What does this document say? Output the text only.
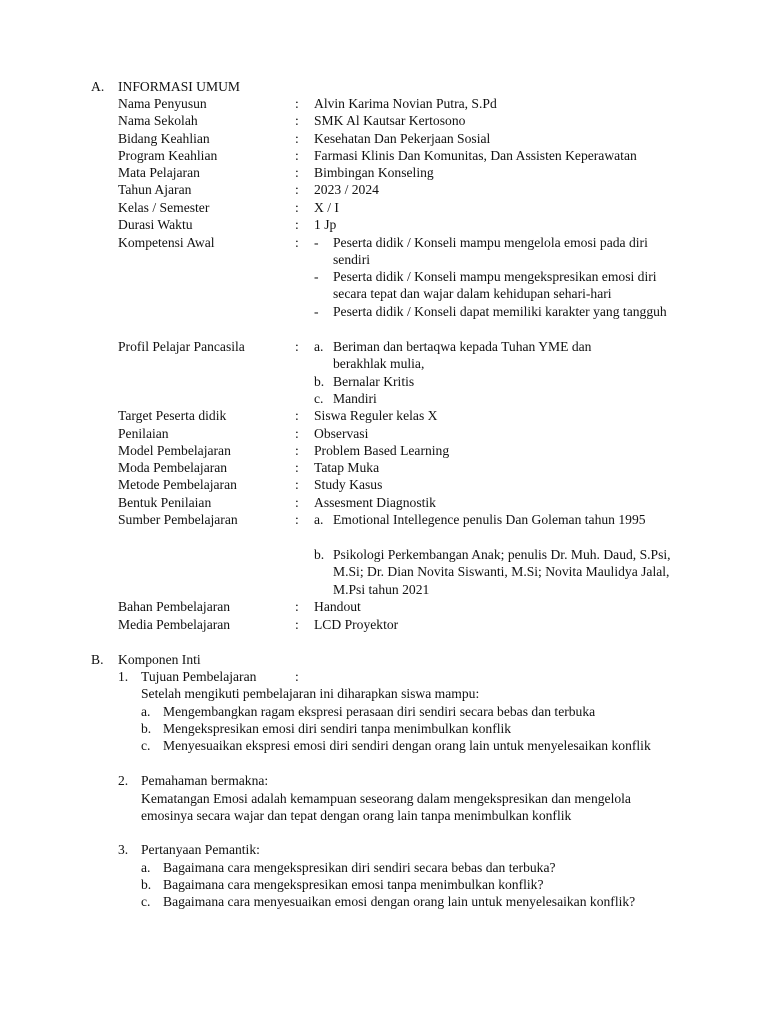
A. INFORMASI UMUM
Nama Penyusun	: Alvin Karima Novian Putra, S.Pd
Nama Sekolah	: SMK Al Kautsar Kertosono
Bidang Keahlian	: Kesehatan Dan Pekerjaan Sosial
Program Keahlian	: Farmasi Klinis Dan Komunitas, Dan Assisten Keperawatan
Mata Pelajaran	: Bimbingan Konseling
Tahun Ajaran	: 2023 / 2024
Kelas / Semester	: X / I
Durasi Waktu	: 1 Jp
Kompetensi Awal	: - Peserta didik / Konseli mampu mengelola emosi pada diri sendiri
- Peserta didik / Konseli mampu mengekspresikan emosi diri secara tepat dan wajar dalam kehidupan sehari-hari
- Peserta didik / Konseli dapat memiliki karakter yang tangguh
Profil Pelajar Pancasila	: a. Beriman dan bertaqwa kepada Tuhan YME dan berakhlak mulia,
b. Bernalar Kritis
c. Mandiri
Target Peserta didik	: Siswa Reguler kelas X
Penilaian	: Observasi
Model Pembelajaran	: Problem Based Learning
Moda Pembelajaran	: Tatap Muka
Metode Pembelajaran	: Study Kasus
Bentuk Penilaian	: Assesment Diagnostik
Sumber Pembelajaran	: a. Emotional Intellegence penulis Dan Goleman tahun 1995
b. Psikologi Perkembangan Anak; penulis Dr. Muh. Daud, S.Psi, M.Si; Dr. Dian Novita Siswanti, M.Si; Novita Maulidya Jalal, M.Psi tahun 2021
Bahan Pembelajaran	: Handout
Media Pembelajaran	: LCD Proyektor
B. Komponen Inti
1. Tujuan Pembelajaran	:
Setelah mengikuti pembelajaran ini diharapkan siswa mampu:
a. Mengembangkan ragam ekspresi perasaan diri sendiri secara bebas dan terbuka
b. Mengekspresikan emosi diri sendiri tanpa menimbulkan konflik
c. Menyesuaikan ekspresi emosi diri sendiri dengan orang lain untuk menyelesaikan konflik
2. Pemahaman bermakna:
Kematangan Emosi adalah kemampuan seseorang dalam mengekspresikan dan mengelola emosinya secara wajar dan tepat dengan orang lain tanpa menimbulkan konflik
3. Pertanyaan Pemantik:
a. Bagaimana cara mengekspresikan diri sendiri secara bebas dan terbuka?
b. Bagaimana cara mengekspresikan emosi tanpa menimbulkan konflik?
c. Bagaimana cara menyesuaikan emosi dengan orang lain untuk menyelesaikan konflik?
